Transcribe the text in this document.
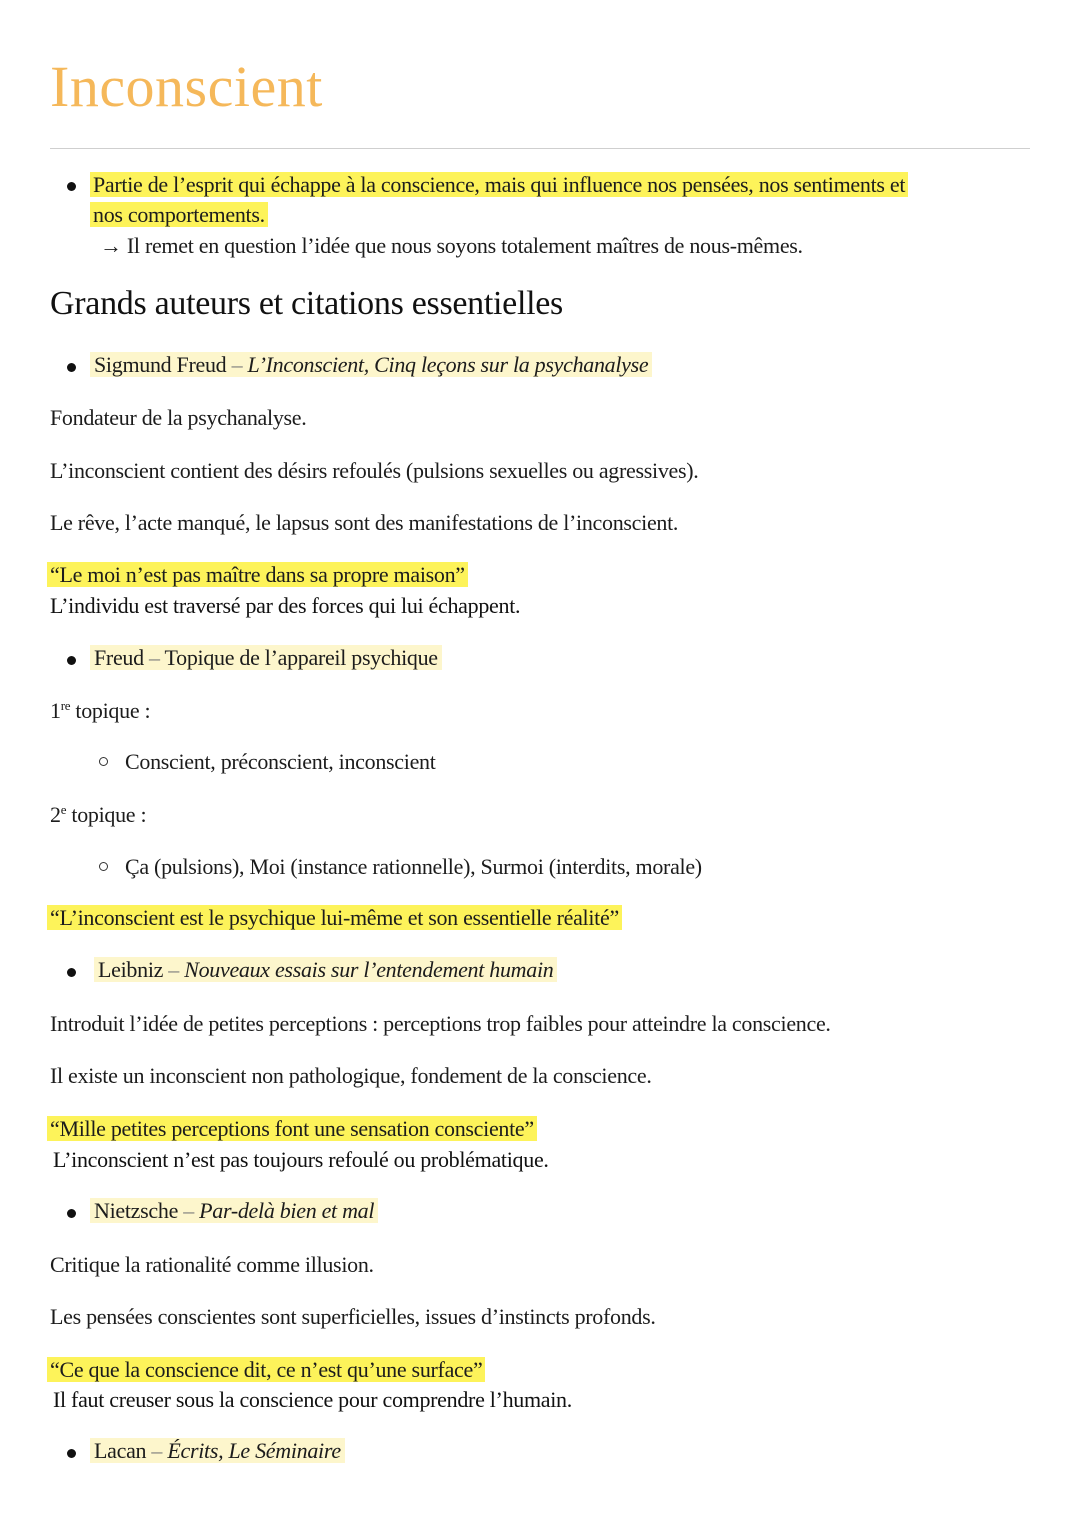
Inconscient
Partie de l’esprit qui échappe à la conscience, mais qui influence nos pensées, nos sentiments et
nos comportements.
→ Il remet en question l’idée que nous soyons totalement maîtres de nous-mêmes.
Grands auteurs et citations essentielles
Sigmund Freud – L’Inconscient, Cinq leçons sur la psychanalyse
Fondateur de la psychanalyse.
L’inconscient contient des désirs refoulés (pulsions sexuelles ou agressives).
Le rêve, l’acte manqué, le lapsus sont des manifestations de l’inconscient.
“Le moi n’est pas maître dans sa propre maison”
L’individu est traversé par des forces qui lui échappent.
Freud – Topique de l’appareil psychique
1re topique :
Conscient, préconscient, inconscient
2e topique :
Ça (pulsions), Moi (instance rationnelle), Surmoi (interdits, morale)
“L’inconscient est le psychique lui-même et son essentielle réalité”
Leibniz – Nouveaux essais sur l’entendement humain
Introduit l’idée de petites perceptions : perceptions trop faibles pour atteindre la conscience.
Il existe un inconscient non pathologique, fondement de la conscience.
“Mille petites perceptions font une sensation consciente”
L’inconscient n’est pas toujours refoulé ou problématique.
Nietzsche – Par-delà bien et mal
Critique la rationalité comme illusion.
Les pensées conscientes sont superficielles, issues d’instincts profonds.
“Ce que la conscience dit, ce n’est qu’une surface”
Il faut creuser sous la conscience pour comprendre l’humain.
Lacan – Écrits, Le Séminaire
